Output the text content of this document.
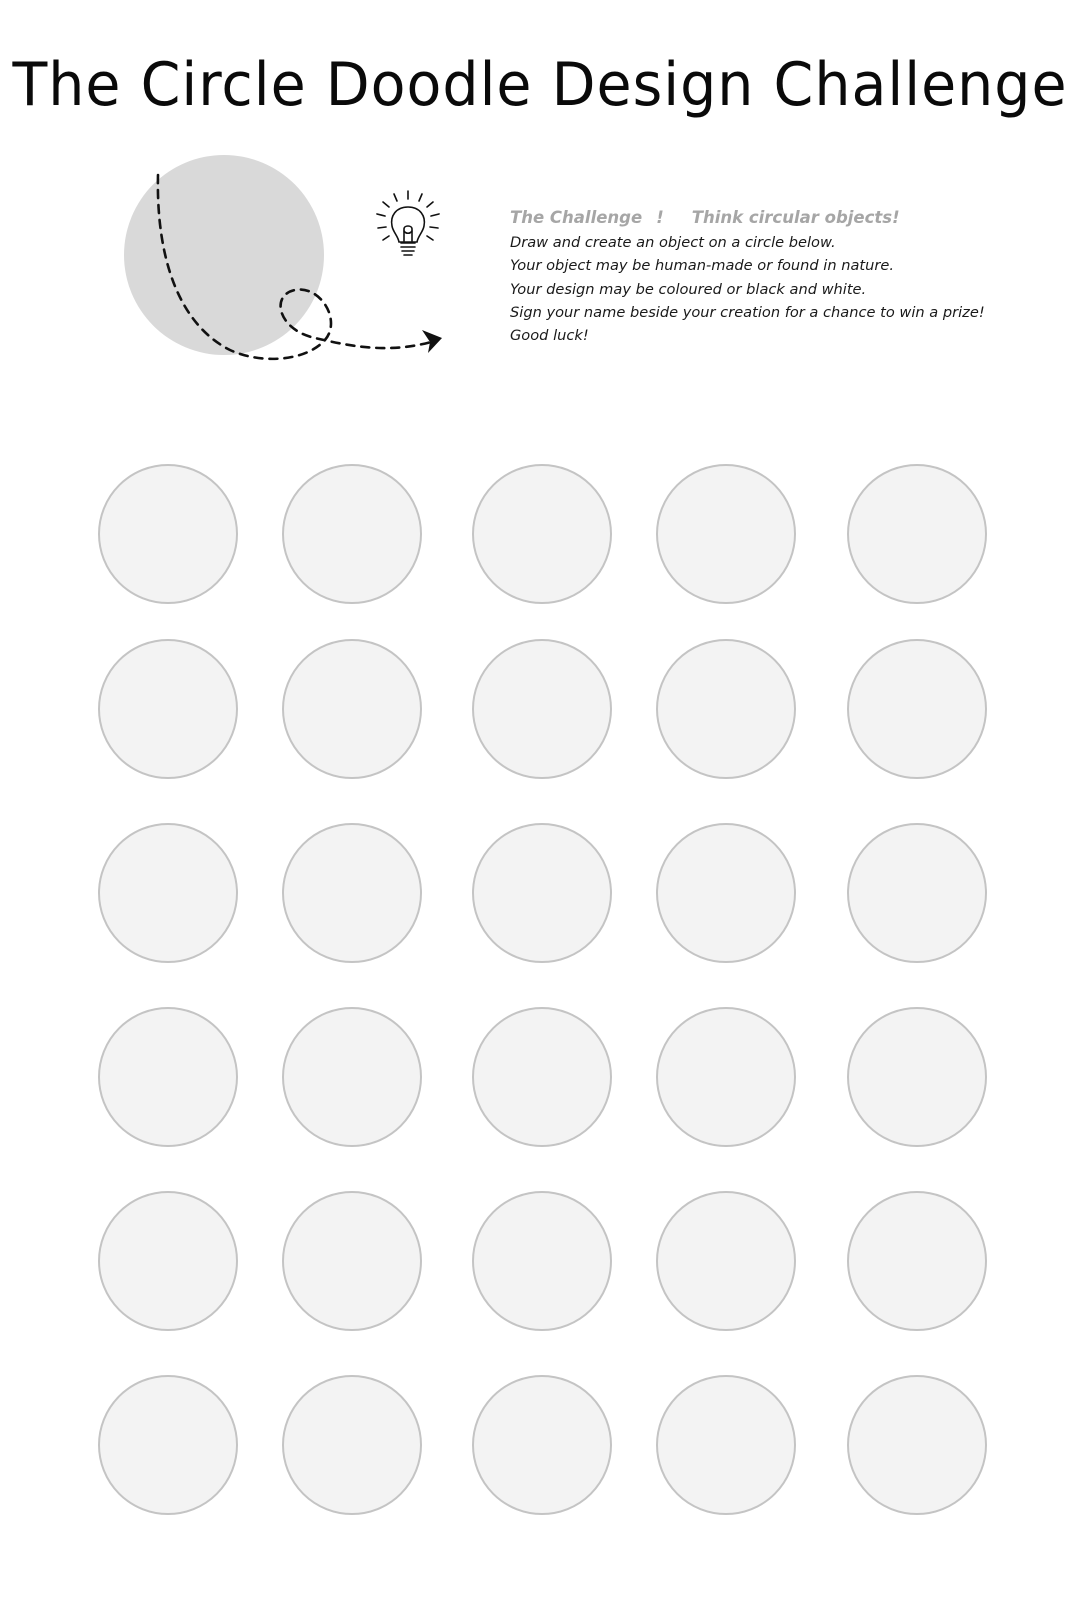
The Circle Doodle Design Challenge
The Challenge ! Think circular objects!
Draw and create an object on a circle below.
Your object may be human-made or found in nature.
Your design may be coloured or black and white.
Sign your name beside your creation for a chance to win a prize!
Good luck!
